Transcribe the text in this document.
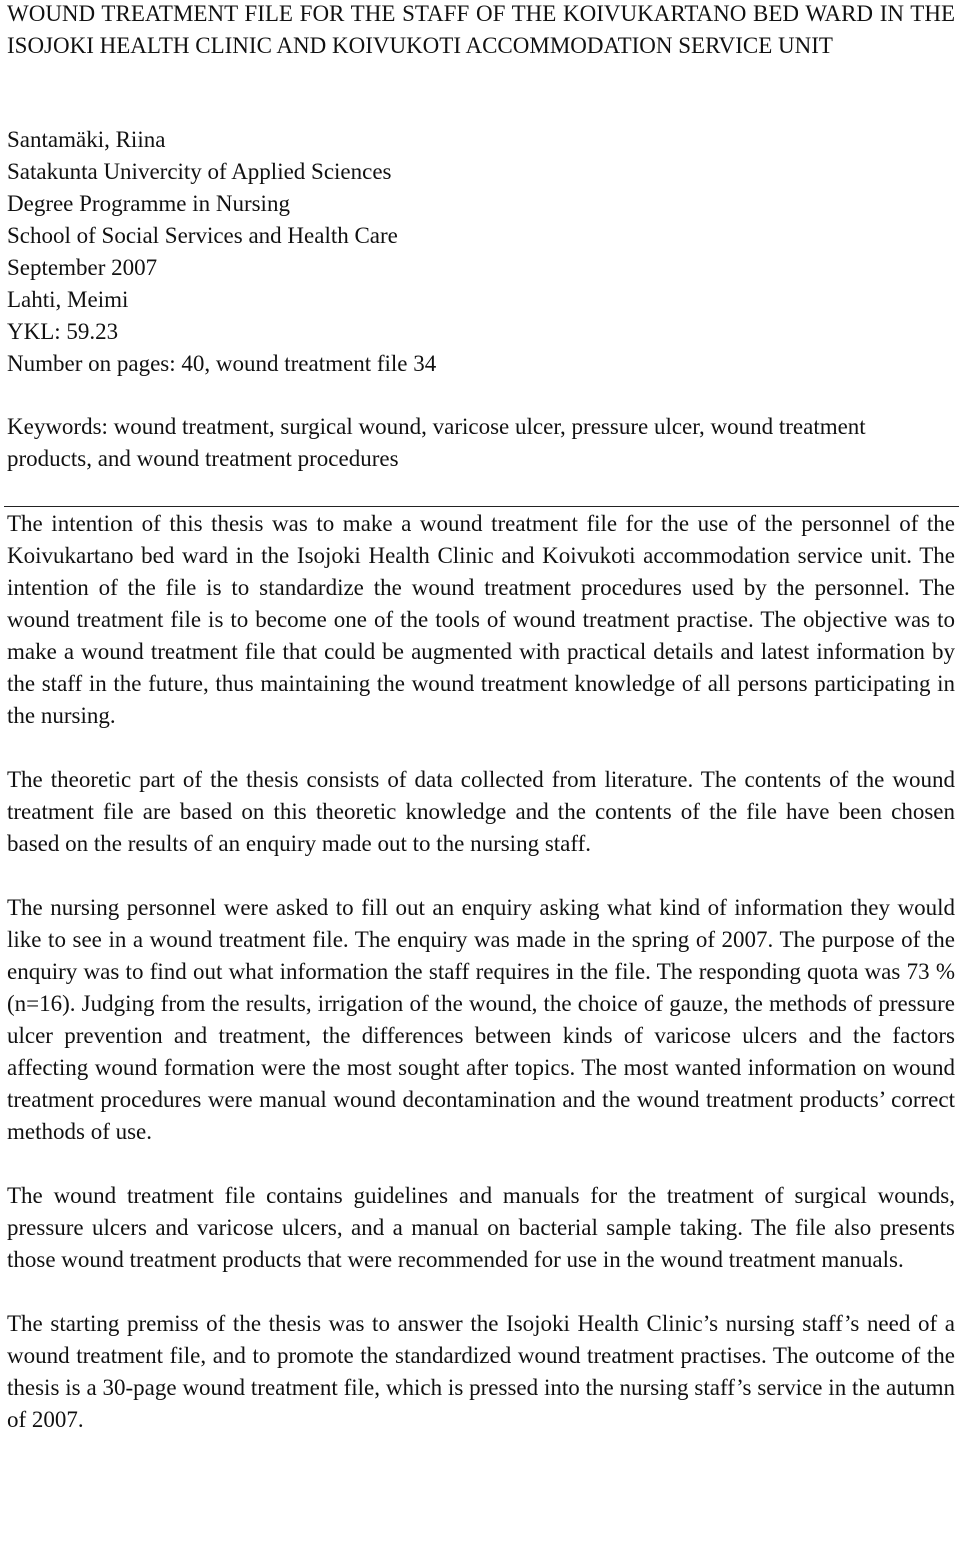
WOUND TREATMENT FILE FOR THE STAFF OF THE KOIVUKARTANO BED WARD IN THE ISOJOKI HEALTH CLINIC AND KOIVUKOTI ACCOMMODATION SERVICE UNIT
Santamäki, Riina
Satakunta Univercity of Applied Sciences
Degree Programme in Nursing
School of Social Services and Health Care
September 2007
Lahti, Meimi
YKL: 59.23
Number on pages: 40, wound treatment file 34

Keywords: wound treatment, surgical wound, varicose ulcer, pressure ulcer, wound treatment products, and wound treatment procedures

The intention of this thesis was to make a wound treatment file for the use of the personnel of the Koivukartano bed ward in the Isojoki Health Clinic and Koivukoti accommodation service unit. The intention of the file is to standardize the wound treatment procedures used by the personnel. The wound treatment file is to become one of the tools of wound treatment practise. The objective was to make a wound treatment file that could be augmented with practical details and latest information by the staff in the future, thus maintaining the wound treatment knowledge of all persons participating in the nursing.

The theoretic part of the thesis consists of data collected from literature. The contents of the wound treatment file are based on this theoretic knowledge and the contents of the file have been chosen based on the results of an enquiry made out to the nursing staff.

The nursing personnel were asked to fill out an enquiry asking what kind of information they would like to see in a wound treatment file. The enquiry was made in the spring of 2007. The purpose of the enquiry was to find out what information the staff requires in the file. The responding quota was 73 % (n=16). Judging from the results, irrigation of the wound, the choice of gauze, the methods of pressure ulcer prevention and treatment, the differences between kinds of varicose ulcers and the factors affecting wound formation were the most sought after topics. The most wanted information on wound treatment procedures were manual wound decontamination and the wound treatment products’ correct methods of use.

The wound treatment file contains guidelines and manuals for the treatment of surgical wounds, pressure ulcers and varicose ulcers, and a manual on bacterial sample taking. The file also presents those wound treatment products that were recommended for use in the wound treatment manuals.

The starting premiss of the thesis was to answer the Isojoki Health Clinic’s nursing staff’s need of a wound treatment file, and to promote the standardized wound treatment practises. The outcome of the thesis is a 30-page wound treatment file, which is pressed into the nursing staff’s service in the autumn of 2007.
